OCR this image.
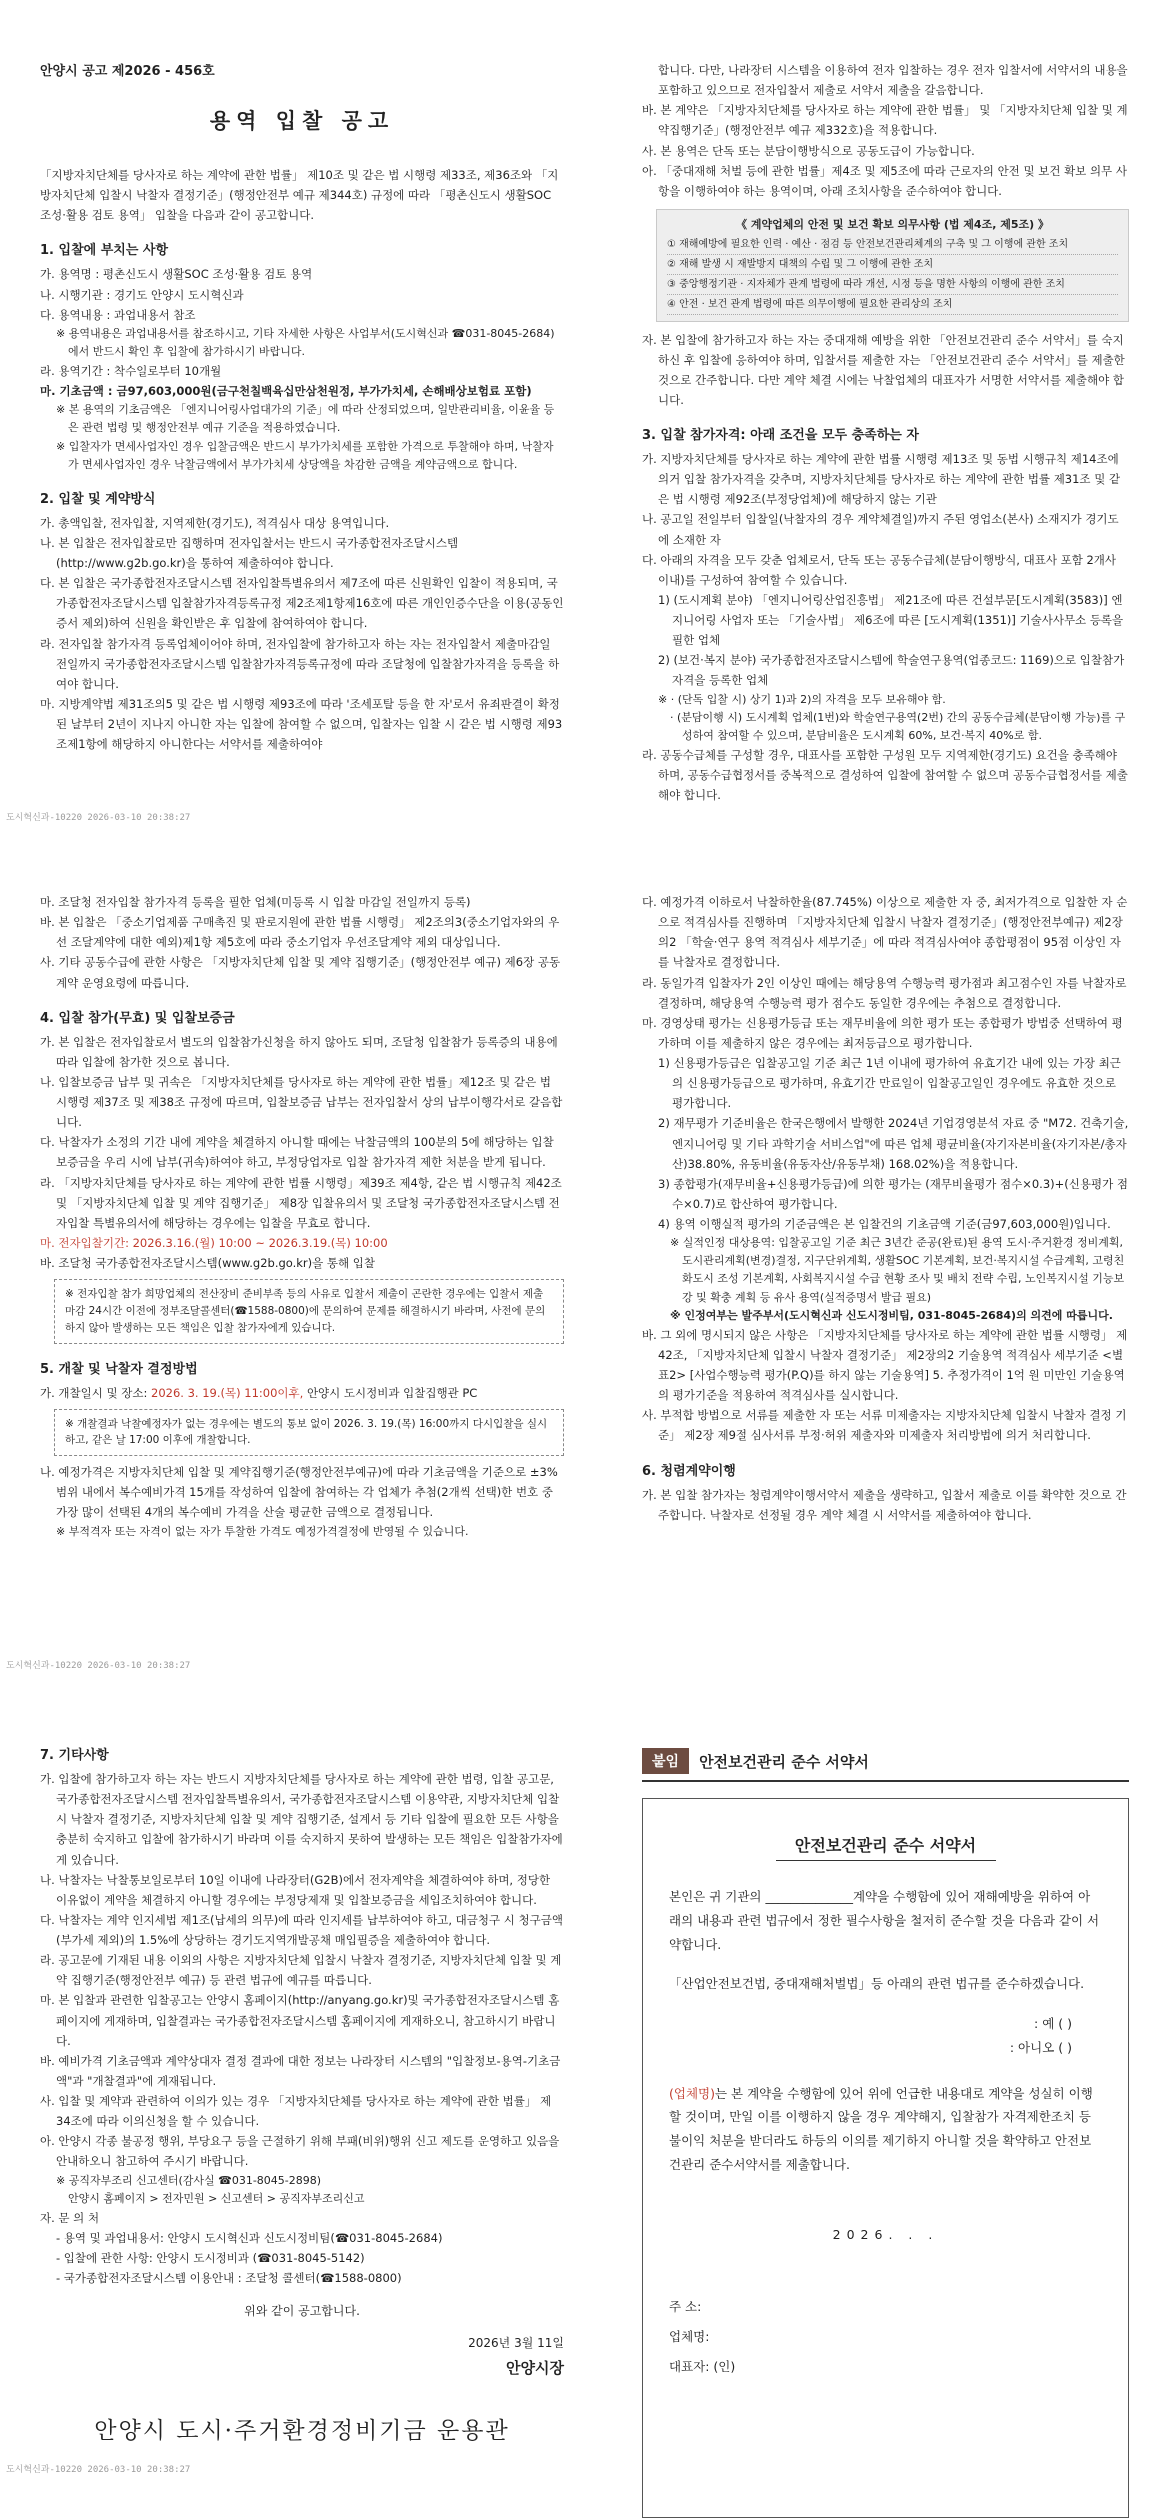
안양시 공고 제2026 - 456호

용역 입찰 공고
「지방자치단체를 당사자로 하는 계약에 관한 법률」 제10조 및 같은 법 시행령 제33조, 제36조와 「지방자치단체 입찰시 낙찰자 결정기준」(행정안전부 예규 제344호) 규정에 따라 「평촌신도시 생활SOC 조성·활용 검토 용역」 입찰을 다음과 같이 공고합니다.
1. 입찰에 부치는 사항
가. 용역명 : 평촌신도시 생활SOC 조성·활용 검토 용역
나. 시행기관 : 경기도 안양시 도시혁신과
다. 용역내용 : 과업내용서 참조
※ 용역내용은 과업내용서를 참조하시고, 기타 자세한 사항은 사업부서(도시혁신과 ☎031-8045-2684)에서 반드시 확인 후 입찰에 참가하시기 바랍니다.
라. 용역기간 : 착수일로부터 10개월
마. 기초금액 : 금97,603,000원(금구천칠백육십만삼천원정, 부가가치세, 손해배상보험료 포함)
※ 본 용역의 기초금액은 「엔지니어링사업대가의 기준」에 따라 산정되었으며, 일반관리비율, 이윤율 등은 관련 법령 및 행정안전부 예규 기준을 적용하였습니다.
※ 입찰자가 면세사업자인 경우 입찰금액은 반드시 부가가치세를 포함한 가격으로 투찰해야 하며, 낙찰자가 면세사업자인 경우 낙찰금액에서 부가가치세 상당액을 차감한 금액을 계약금액으로 합니다.
2. 입찰 및 계약방식
가. 총액입찰, 전자입찰, 지역제한(경기도), 적격심사 대상 용역입니다.
나. 본 입찰은 전자입찰로만 집행하며 전자입찰서는 반드시 국가종합전자조달시스템(http://www.g2b.go.kr)을 통하여 제출하여야 합니다.
다. 본 입찰은 국가종합전자조달시스템 전자입찰특별유의서 제7조에 따른 신원확인 입찰이 적용되며, 국가종합전자조달시스템 입찰참가자격등록규정 제2조제1항제16호에 따른 개인인증수단을 이용(공동인증서 제외)하여 신원을 확인받은 후 입찰에 참여하여야 합니다.
라. 전자입찰 참가자격 등록업체이어야 하며, 전자입찰에 참가하고자 하는 자는 전자입찰서 제출마감일 전일까지 국가종합전자조달시스템 입찰참가자격등록규정에 따라 조달청에 입찰참가자격을 등록을 하여야 합니다.
마. 지방계약법 제31조의5 및 같은 법 시행령 제93조에 따라 '조세포탈 등을 한 자'로서 유죄판결이 확정된 날부터 2년이 지나지 아니한 자는 입찰에 참여할 수 없으며, 입찰자는 입찰 시 같은 법 시행령 제93조제1항에 해당하지 아니한다는 서약서를 제출하여야
합니다. 다만, 나라장터 시스템을 이용하여 전자 입찰하는 경우 전자 입찰서에 서약서의 내용을 포함하고 있으므로 전자입찰서 제출로 서약서 제출을 갈음합니다.
바. 본 계약은 「지방자치단체를 당사자로 하는 계약에 관한 법률」 및 「지방자치단체 입찰 및 계약집행기준」(행정안전부 예규 제332호)을 적용합니다.
사. 본 용역은 단독 또는 분담이행방식으로 공동도급이 가능합니다.
아. 「중대재해 처벌 등에 관한 법률」제4조 및 제5조에 따라 근로자의 안전 및 보건 확보 의무 사항을 이행하여야 하는 용역이며, 아래 조치사항을 준수하여야 합니다.
《 계약업체의 안전 및 보건 확보 의무사항 (법 제4조, 제5조) 》
① 재해예방에 필요한 인력 · 예산 · 점검 등 안전보건관리체계의 구축 및 그 이행에 관한 조치
② 재해 발생 시 재발방지 대책의 수립 및 그 이행에 관한 조치
③ 중앙행정기관 · 지자체가 관계 법령에 따라 개선, 시정 등을 명한 사항의 이행에 관한 조치
④ 안전 · 보건 관계 법령에 따른 의무이행에 필요한 관리상의 조치
자. 본 입찰에 참가하고자 하는 자는 중대재해 예방을 위한 「안전보건관리 준수 서약서」를 숙지하신 후 입찰에 응하여야 하며, 입찰서를 제출한 자는 「안전보건관리 준수 서약서」를 제출한 것으로 간주합니다. 다만 계약 체결 시에는 낙찰업체의 대표자가 서명한 서약서를 제출해야 합니다.
3. 입찰 참가자격: 아래 조건을 모두 충족하는 자
가. 지방자치단체를 당사자로 하는 계약에 관한 법률 시행령 제13조 및 동법 시행규칙 제14조에 의거 입찰 참가자격을 갖추며, 지방자치단체를 당사자로 하는 계약에 관한 법률 제31조 및 같은 법 시행령 제92조(부정당업체)에 해당하지 않는 기관
나. 공고일 전일부터 입찰일(낙찰자의 경우 계약체결일)까지 주된 영업소(본사) 소재지가 경기도에 소재한 자
다. 아래의 자격을 모두 갖춘 업체로서, 단독 또는 공동수급체(분담이행방식, 대표사 포함 2개사 이내)를 구성하여 참여할 수 있습니다.
1) (도시계획 분야) 「엔지니어링산업진흥법」 제21조에 따른 건설부문[도시계획(3583)] 엔지니어링 사업자 또는 「기술사법」 제6조에 따른 [도시계획(1351)] 기술사사무소 등록을 필한 업체
2) (보건·복지 분야) 국가종합전자조달시스템에 학술연구용역(업종코드: 1169)으로 입찰참가자격을 등록한 업체
※ · (단독 입찰 시) 상기 1)과 2)의 자격을 모두 보유해야 함.
· (분담이행 시) 도시계획 업체(1번)와 학술연구용역(2번) 간의 공동수급체(분담이행 가능)를 구성하여 참여할 수 있으며, 분담비율은 도시계획 60%, 보건·복지 40%로 함.
라. 공동수급체를 구성할 경우, 대표사를 포함한 구성원 모두 지역제한(경기도) 요건을 충족해야 하며, 공동수급협정서를 중복적으로 결성하여 입찰에 참여할 수 없으며 공동수급협정서를 제출해야 합니다.
도시혁신과-10220 2026-03-10 20:38:27
마. 조달청 전자입찰 참가자격 등록을 필한 업체(미등록 시 입찰 마감일 전일까지 등록)
바. 본 입찰은 「중소기업제품 구매촉진 및 판로지원에 관한 법률 시행령」 제2조의3(중소기업자와의 우선 조달계약에 대한 예외)제1항 제5호에 따라 중소기업자 우선조달계약 제외 대상입니다.
사. 기타 공동수급에 관한 사항은 「지방자치단체 입찰 및 계약 집행기준」(행정안전부 예규) 제6장 공동계약 운영요령에 따릅니다.
4. 입찰 참가(무효) 및 입찰보증금
가. 본 입찰은 전자입찰로서 별도의 입찰참가신청을 하지 않아도 되며, 조달청 입찰참가 등록증의 내용에 따라 입찰에 참가한 것으로 봅니다.
나. 입찰보증금 납부 및 귀속은 「지방자치단체를 당사자로 하는 계약에 관한 법률」제12조 및 같은 법 시행령 제37조 및 제38조 규정에 따르며, 입찰보증금 납부는 전자입찰서 상의 납부이행각서로 갈음합니다.
다. 낙찰자가 소정의 기간 내에 계약을 체결하지 아니할 때에는 낙찰금액의 100분의 5에 해당하는 입찰보증금을 우리 시에 납부(귀속)하여야 하고, 부정당업자로 입찰 참가자격 제한 처분을 받게 됩니다.
라. 「지방자치단체를 당사자로 하는 계약에 관한 법률 시행령」제39조 제4항, 같은 법 시행규칙 제42조 및 「지방자치단체 입찰 및 계약 집행기준」 제8장 입찰유의서 및 조달청 국가종합전자조달시스템 전자입찰 특별유의서에 해당하는 경우에는 입찰을 무효로 합니다.
마. 전자입찰기간: 2026.3.16.(월) 10:00 ~ 2026.3.19.(목) 10:00
바. 조달청 국가종합전자조달시스템(www.g2b.go.kr)을 통해 입찰
※ 전자입찰 참가 희망업체의 전산장비 준비부족 등의 사유로 입찰서 제출이 곤란한 경우에는 입찰서 제출마감 24시간 이전에 정부조달콜센터(☎1588-0800)에 문의하여 문제를 해결하시기 바라며, 사전에 문의하지 않아 발생하는 모든 책임은 입찰 참가자에게 있습니다.
5. 개찰 및 낙찰자 결정방법
가. 개찰일시 및 장소: 2026. 3. 19.(목) 11:00이후, 안양시 도시정비과 입찰집행관 PC
※ 개찰결과 낙찰예정자가 없는 경우에는 별도의 통보 없이 2026. 3. 19.(목) 16:00까지 다시입찰을 실시하고, 같은 날 17:00 이후에 개찰합니다.
나. 예정가격은 지방자치단체 입찰 및 계약집행기준(행정안전부예규)에 따라 기초금액을 기준으로 ±3% 범위 내에서 복수예비가격 15개를 작성하여 입찰에 참여하는 각 업체가 추첨(2개씩 선택)한 번호 중 가장 많이 선택된 4개의 복수예비 가격을 산술 평균한 금액으로 결정됩니다.
※ 부적격자 또는 자격이 없는 자가 투찰한 가격도 예정가격결정에 반영될 수 있습니다.
다. 예정가격 이하로서 낙찰하한율(87.745%) 이상으로 제출한 자 중, 최저가격으로 입찰한 자 순으로 적격심사를 진행하며 「지방자치단체 입찰시 낙찰자 결정기준」(행정안전부예규) 제2장의2 「학술·연구 용역 적격심사 세부기준」에 따라 적격심사여야 종합평점이 95점 이상인 자를 낙찰자로 결정합니다.
라. 동일가격 입찰자가 2인 이상인 때에는 해당용역 수행능력 평가점과 최고점수인 자를 낙찰자로 결정하며, 해당용역 수행능력 평가 점수도 동일한 경우에는 추첨으로 결정합니다.
마. 경영상태 평가는 신용평가등급 또는 재무비율에 의한 평가 또는 종합평가 방법중 선택하여 평가하며 이를 제출하지 않은 경우에는 최저등급으로 평가합니다.
1) 신용평가등급은 입찰공고일 기준 최근 1년 이내에 평가하여 유효기간 내에 있는 가장 최근의 신용평가등급으로 평가하며, 유효기간 만료일이 입찰공고일인 경우에도 유효한 것으로 평가합니다.
2) 재무평가 기준비율은 한국은행에서 발행한 2024년 기업경영분석 자료 중 "M72. 건축기술, 엔지니어링 및 기타 과학기술 서비스업"에 따른 업체 평균비율(자기자본비율(자기자본/총자산)38.80%, 유동비율(유동자산/유동부채) 168.02%)을 적용합니다.
3) 종합평가(재무비율+신용평가등급)에 의한 평가는 (재무비율평가 점수×0.3)+(신용평가 점수×0.7)로 합산하여 평가합니다.
4) 용역 이행실적 평가의 기준금액은 본 입찰건의 기초금액 기준(금97,603,000원)입니다.
※ 실적인정 대상용역: 입찰공고일 기준 최근 3년간 준공(완료)된 용역 도시·주거환경 정비계획, 도시관리계획(변경)결정, 지구단위계획, 생활SOC 기본계획, 보건·복지시설 수급계획, 고령친화도시 조성 기본계획, 사회복지시설 수급 현황 조사 및 배치 전략 수립, 노인복지시설 기능보강 및 확충 계획 등 유사 용역(실적증명서 발급 필요)
※ 인정여부는 발주부서(도시혁신과 신도시정비팀, 031-8045-2684)의 의견에 따릅니다.
바. 그 외에 명시되지 않은 사항은 「지방자치단체를 당사자로 하는 계약에 관한 법률 시행령」 제42조, 「지방자치단체 입찰시 낙찰자 결정기준」 제2장의2 기술용역 적격심사 세부기준 <별표2> [사업수행능력 평가(P.Q)를 하지 않는 기술용역] 5. 추정가격이 1억 원 미만인 기술용역의 평가기준을 적용하여 적격심사를 실시합니다.
사. 부적합 방법으로 서류를 제출한 자 또는 서류 미제출자는 지방자치단체 입찰시 낙찰자 결정 기준」 제2장 제9절 심사서류 부정·허위 제출자와 미제출자 처리방법에 의거 처리합니다.
6. 청렴계약이행
가. 본 입찰 참가자는 청렴계약이행서약서 제출을 생략하고, 입찰서 제출로 이를 확약한 것으로 간주합니다. 낙찰자로 선정될 경우 계약 체결 시 서약서를 제출하여야 합니다.
도시혁신과-10220 2026-03-10 20:38:27
7. 기타사항
가. 입찰에 참가하고자 하는 자는 반드시 지방자치단체를 당사자로 하는 계약에 관한 법령, 입찰 공고문, 국가종합전자조달시스템 전자입찰특별유의서, 국가종합전자조달시스템 이용약관, 지방자치단체 입찰시 낙찰자 결정기준, 지방자치단체 입찰 및 계약 집행기준, 설계서 등 기타 입찰에 필요한 모든 사항을 충분히 숙지하고 입찰에 참가하시기 바라며 이를 숙지하지 못하여 발생하는 모든 책임은 입찰참가자에게 있습니다.
나. 낙찰자는 낙찰통보일로부터 10일 이내에 나라장터(G2B)에서 전자계약을 체결하여야 하며, 정당한 이유없이 계약을 체결하지 아니할 경우에는 부정당제재 및 입찰보증금을 세입조치하여야 합니다.
다. 낙찰자는 계약 인지세법 제1조(납세의 의무)에 따라 인지세를 납부하여야 하고, 대금청구 시 청구금액 (부가세 제외)의 1.5%에 상당하는 경기도지역개발공채 매입필증을 제출하여야 합니다.
라. 공고문에 기재된 내용 이외의 사항은 지방자치단체 입찰시 낙찰자 결정기준, 지방자치단체 입찰 및 계약 집행기준(행정안전부 예규) 등 관련 법규에 예규를 따릅니다.
마. 본 입찰과 관련한 입찰공고는 안양시 홈페이지(http://anyang.go.kr)및 국가종합전자조달시스템 홈페이지에 게재하며, 입찰결과는 국가종합전자조달시스템 홈페이지에 게재하오니, 참고하시기 바랍니다.
바. 예비가격 기초금액과 계약상대자 결정 결과에 대한 정보는 나라장터 시스템의 "입찰정보-용역-기초금액"과 "개찰결과"에 게재됩니다.
사. 입찰 및 계약과 관련하여 이의가 있는 경우 「지방자치단체를 당사자로 하는 계약에 관한 법률」 제34조에 따라 이의신청을 할 수 있습니다.
아. 안양시 각종 불공정 행위, 부당요구 등을 근절하기 위해 부패(비위)행위 신고 제도를 운영하고 있음을 안내하오니 참고하여 주시기 바랍니다.
※ 공직자부조리 신고센터(감사실 ☎031-8045-2898)
안양시 홈페이지 > 전자민원 > 신고센터 > 공직자부조리신고
자. 문 의 처
- 용역 및 과업내용서: 안양시 도시혁신과 신도시정비팀(☎031-8045-2684)
- 입찰에 관한 사항: 안양시 도시정비과 (☎031-8045-5142)
- 국가종합전자조달시스템 이용안내 : 조달청 콜센터(☎1588-0800)
위와 같이 공고합니다.
2026년 3월 11일
안양시장
안양시 도시·주거환경정비기금 운용관
붙임	안전보건관리 준수 서약서
안전보건관리 준수 서약서

본인은 귀 기관의 ______________계약을 수행함에 있어 재해예방을 위하여 아래의 내용과 관련 법규에서 정한 필수사항을 철저히 준수할 것을 다음과 같이 서약합니다.

「산업안전보건법, 중대재해처벌법」등 아래의 관련 법규를 준수하겠습니다.

: 예 ( )
: 아니오 ( )

(업체명)는 본 계약을 수행함에 있어 위에 언급한 내용대로 계약을 성실히 이행할 것이며, 만일 이를 이행하지 않을 경우 계약해지, 입찰참가 자격제한조치 등 불이익 처분을 받더라도 하등의 이의를 제기하지 아니할 것을 확약하고 안전보건관리 준수서약서를 제출합니다.

2026. . .
주 소:
업체명:
대표자: (인)
도시혁신과-10220 2026-03-10 20:38:27
